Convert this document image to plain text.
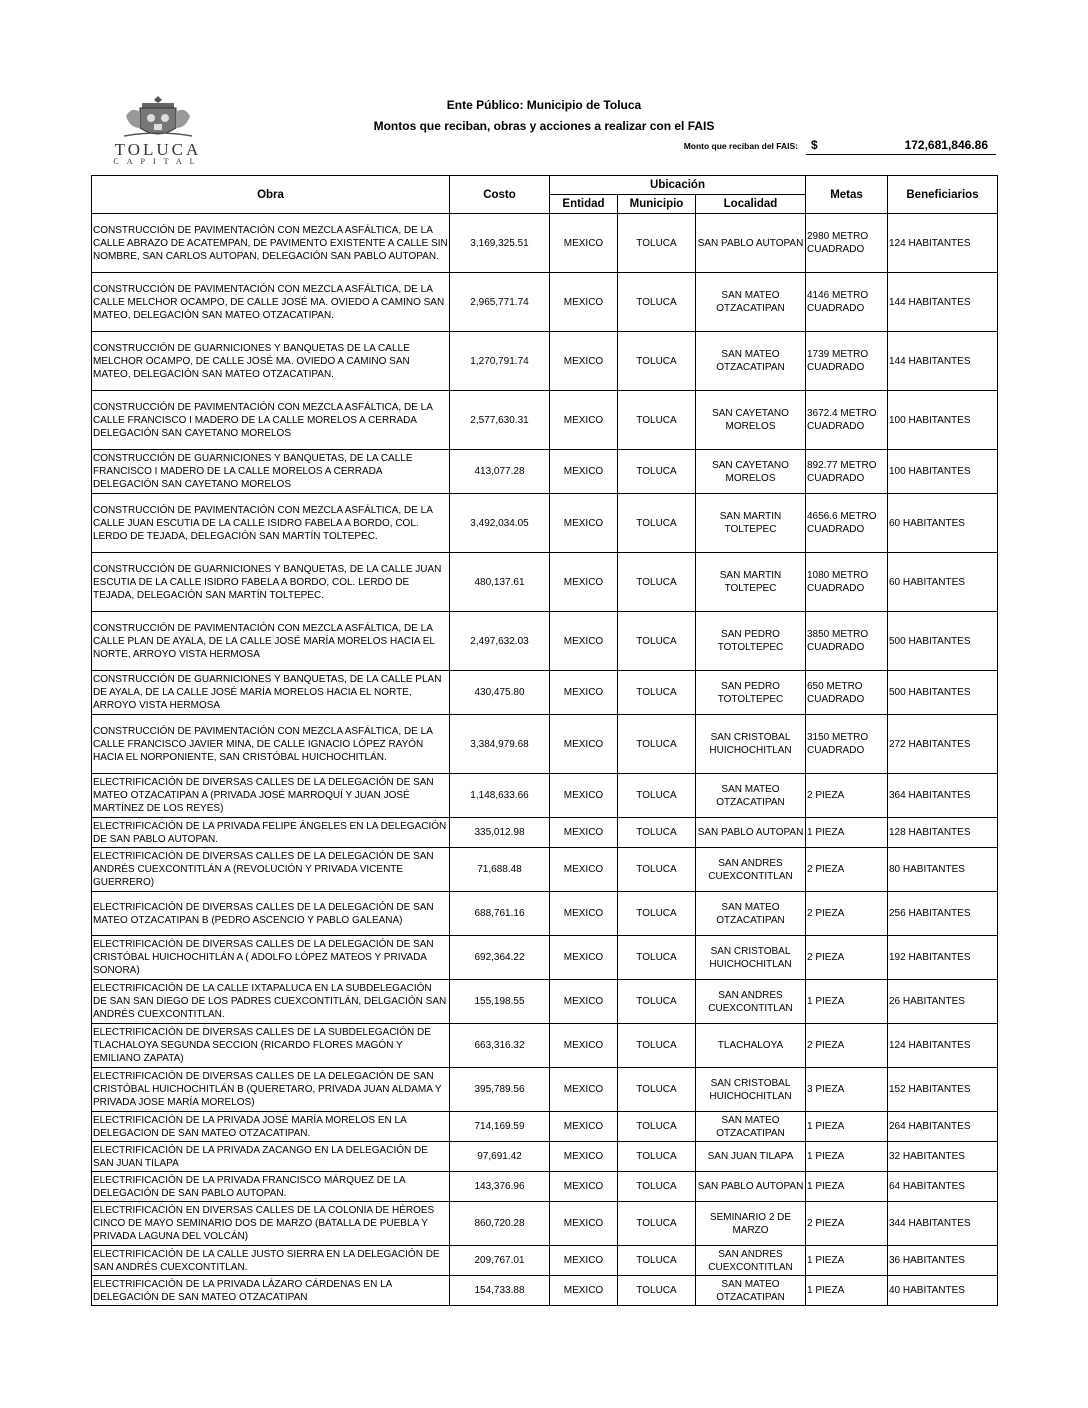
TOLUCA
CAPITAL
Ente Público: Municipio de Toluca
Montos que reciban, obras y acciones a realizar con el FAIS
Monto que reciban del FAIS: $	172,681,846.86
Obra	Costo	Ubicación			Metas	Beneficiarios
		Entidad	Municipio	Localidad		
CONSTRUCCIÓN DE PAVIMENTACIÓN CON MEZCLA ASFÁLTICA, DE LA CALLE ABRAZO DE ACATEMPAN, DE PAVIMENTO EXISTENTE A CALLE SIN NOMBRE, SAN CARLOS AUTOPAN, DELEGACIÓN SAN PABLO AUTOPAN.	3,169,325.51	MEXICO	TOLUCA	SAN PABLO AUTOPAN	2980 METRO CUADRADO	124 HABITANTES
CONSTRUCCIÓN DE PAVIMENTACIÓN CON MEZCLA ASFÁLTICA, DE LA CALLE MELCHOR OCAMPO, DE CALLE JOSÉ MA. OVIEDO A CAMINO SAN MATEO, DELEGACIÓN SAN MATEO OTZACATIPAN.	2,965,771.74	MEXICO	TOLUCA	SAN MATEO OTZACATIPAN	4146 METRO CUADRADO	144 HABITANTES
CONSTRUCCIÓN DE GUARNICIONES Y BANQUETAS DE LA CALLE MELCHOR OCAMPO, DE CALLE JOSÉ MA. OVIEDO A CAMINO SAN MATEO, DELEGACIÓN SAN MATEO OTZACATIPAN.	1,270,791.74	MEXICO	TOLUCA	SAN MATEO OTZACATIPAN	1739 METRO CUADRADO	144 HABITANTES
CONSTRUCCIÓN DE PAVIMENTACIÓN CON MEZCLA ASFÁLTICA, DE LA CALLE FRANCISCO I MADERO DE LA CALLE MORELOS A CERRADA DELEGACIÓN SAN CAYETANO MORELOS	2,577,630.31	MEXICO	TOLUCA	SAN CAYETANO MORELOS	3672.4 METRO CUADRADO	100 HABITANTES
CONSTRUCCIÓN DE GUARNICIONES Y BANQUETAS, DE LA CALLE FRANCISCO I MADERO DE LA CALLE MORELOS A CERRADA DELEGACIÓN SAN CAYETANO MORELOS	413,077.28	MEXICO	TOLUCA	SAN CAYETANO MORELOS	892.77 METRO CUADRADO	100 HABITANTES
CONSTRUCCIÓN DE PAVIMENTACIÓN CON MEZCLA ASFÁLTICA, DE LA CALLE JUAN ESCUTIA DE LA CALLE ISIDRO FABELA A BORDO, COL. LERDO DE TEJADA, DELEGACIÓN SAN MARTÍN TOLTEPEC.	3,492,034.05	MEXICO	TOLUCA	SAN MARTIN TOLTEPEC	4656.6 METRO CUADRADO	60 HABITANTES
CONSTRUCCIÓN DE GUARNICIONES Y BANQUETAS, DE LA CALLE JUAN ESCUTIA DE LA CALLE ISIDRO FABELA A BORDO, COL. LERDO DE TEJADA, DELEGACIÓN SAN MARTÍN TOLTEPEC.	480,137.61	MEXICO	TOLUCA	SAN MARTIN TOLTEPEC	1080 METRO CUADRADO	60 HABITANTES
CONSTRUCCIÓN DE PAVIMENTACIÓN CON MEZCLA ASFÁLTICA, DE LA CALLE PLAN DE AYALA, DE LA CALLE JOSÉ MARÍA MORELOS HACIA EL NORTE, ARROYO VISTA HERMOSA	2,497,632.03	MEXICO	TOLUCA	SAN PEDRO TOTOLTEPEC	3850 METRO CUADRADO	500 HABITANTES
CONSTRUCCIÓN DE GUARNICIONES Y BANQUETAS, DE LA CALLE PLAN DE AYALA, DE LA CALLE JOSÉ MARÍA MORELOS HACIA EL NORTE, ARROYO VISTA HERMOSA	430,475.80	MEXICO	TOLUCA	SAN PEDRO TOTOLTEPEC	650 METRO CUADRADO	500 HABITANTES
CONSTRUCCIÓN DE PAVIMENTACIÓN CON MEZCLA ASFÁLTICA, DE LA CALLE FRANCISCO JAVIER MINA, DE CALLE IGNACIO LÓPEZ RAYÓN HACIA EL NORPONIENTE, SAN CRISTÓBAL HUICHOCHITLÁN.	3,384,979.68	MEXICO	TOLUCA	SAN CRISTOBAL HUICHOCHITLAN	3150 METRO CUADRADO	272 HABITANTES
ELECTRIFICACIÓN DE DIVERSAS CALLES DE LA DELEGACIÓN DE SAN MATEO OTZACATIPAN A (PRIVADA JOSÉ MARROQUÍ Y JUAN JOSÉ MARTÍNEZ DE LOS REYES)	1,148,633.66	MEXICO	TOLUCA	SAN MATEO OTZACATIPAN	2 PIEZA	364 HABITANTES
ELECTRIFICACIÓN DE LA PRIVADA FELIPE ÁNGELES EN LA DELEGACIÓN DE SAN PABLO AUTOPAN.	335,012.98	MEXICO	TOLUCA	SAN PABLO AUTOPAN	1 PIEZA	128 HABITANTES
ELECTRIFICACIÓN DE DIVERSAS CALLES DE LA DELEGACIÓN DE SAN ANDRÉS CUEXCONTITLÁN A (REVOLUCIÓN Y PRIVADA VICENTE GUERRERO)	71,688.48	MEXICO	TOLUCA	SAN ANDRES CUEXCONTITLAN	2 PIEZA	80 HABITANTES
ELECTRIFICACIÓN DE DIVERSAS CALLES DE LA DELEGACIÓN DE SAN MATEO OTZACATIPAN B (PEDRO ASCENCIO Y PABLO GALEANA)	688,761.16	MEXICO	TOLUCA	SAN MATEO OTZACATIPAN	2 PIEZA	256 HABITANTES
ELECTRIFICACIÓN DE DIVERSAS CALLES DE LA DELEGACIÓN DE SAN CRISTÓBAL HUICHOCHITLÁN A ( ADOLFO LÓPEZ MATEOS Y PRIVADA SONORA)	692,364.22	MEXICO	TOLUCA	SAN CRISTOBAL HUICHOCHITLAN	2 PIEZA	192 HABITANTES
ELECTRIFICACIÓN DE LA CALLE IXTAPALUCA EN LA SUBDELEGACIÓN DE SAN SAN DIEGO DE LOS PADRES CUEXCONTITLÁN, DELGACIÓN SAN ANDRÉS CUEXCONTITLAN.	155,198.55	MEXICO	TOLUCA	SAN ANDRES CUEXCONTITLAN	1 PIEZA	26 HABITANTES
ELECTRIFICACIÓN DE DIVERSAS CALLES DE LA SUBDELEGACIÓN DE TLACHALOYA SEGUNDA SECCION (RICARDO FLORES MAGÓN Y EMILIANO ZAPATA)	663,316.32	MEXICO	TOLUCA	TLACHALOYA	2 PIEZA	124 HABITANTES
ELECTRIFICACIÓN DE DIVERSAS CALLES DE LA DELEGACIÓN DE SAN CRISTÓBAL HUICHOCHITLÁN B (QUERETARO, PRIVADA JUAN ALDAMA Y PRIVADA JOSE MARÍA MORELOS)	395,789.56	MEXICO	TOLUCA	SAN CRISTOBAL HUICHOCHITLAN	3 PIEZA	152 HABITANTES
ELECTRIFICACIÓN DE LA PRIVADA JOSÉ MARÍA MORELOS EN LA DELEGACION DE SAN MATEO OTZACATIPAN.	714,169.59	MEXICO	TOLUCA	SAN MATEO OTZACATIPAN	1 PIEZA	264 HABITANTES
ELECTRIFICACIÓN DE LA PRIVADA ZACANGO EN LA DELEGACIÓN DE SAN JUAN TILAPA	97,691.42	MEXICO	TOLUCA	SAN JUAN TILAPA	1 PIEZA	32 HABITANTES
ELECTRIFICACIÓN DE LA PRIVADA FRANCISCO MÁRQUEZ DE LA DELEGACIÓN DE SAN PABLO AUTOPAN.	143,376.96	MEXICO	TOLUCA	SAN PABLO AUTOPAN	1 PIEZA	64 HABITANTES
ELECTRIFICACIÓN EN DIVERSAS CALLES DE LA COLONIA DE HÉROES CINCO DE MAYO SEMINARIO DOS DE MARZO (BATALLA DE PUEBLA Y PRIVADA LAGUNA DEL VOLCÁN)	860,720.28	MEXICO	TOLUCA	SEMINARIO 2 DE MARZO	2 PIEZA	344 HABITANTES
ELECTRIFICACIÓN DE LA CALLE JUSTO SIERRA EN LA DELEGACIÓN DE SAN ANDRÉS CUEXCONTITLAN.	209,767.01	MEXICO	TOLUCA	SAN ANDRES CUEXCONTITLAN	1 PIEZA	36 HABITANTES
ELECTRIFICACIÓN DE LA PRIVADA LÁZARO CÁRDENAS EN LA DELEGACIÓN DE SAN MATEO OTZACATIPAN	154,733.88	MEXICO	TOLUCA	SAN MATEO OTZACATIPAN	1 PIEZA	40 HABITANTES
